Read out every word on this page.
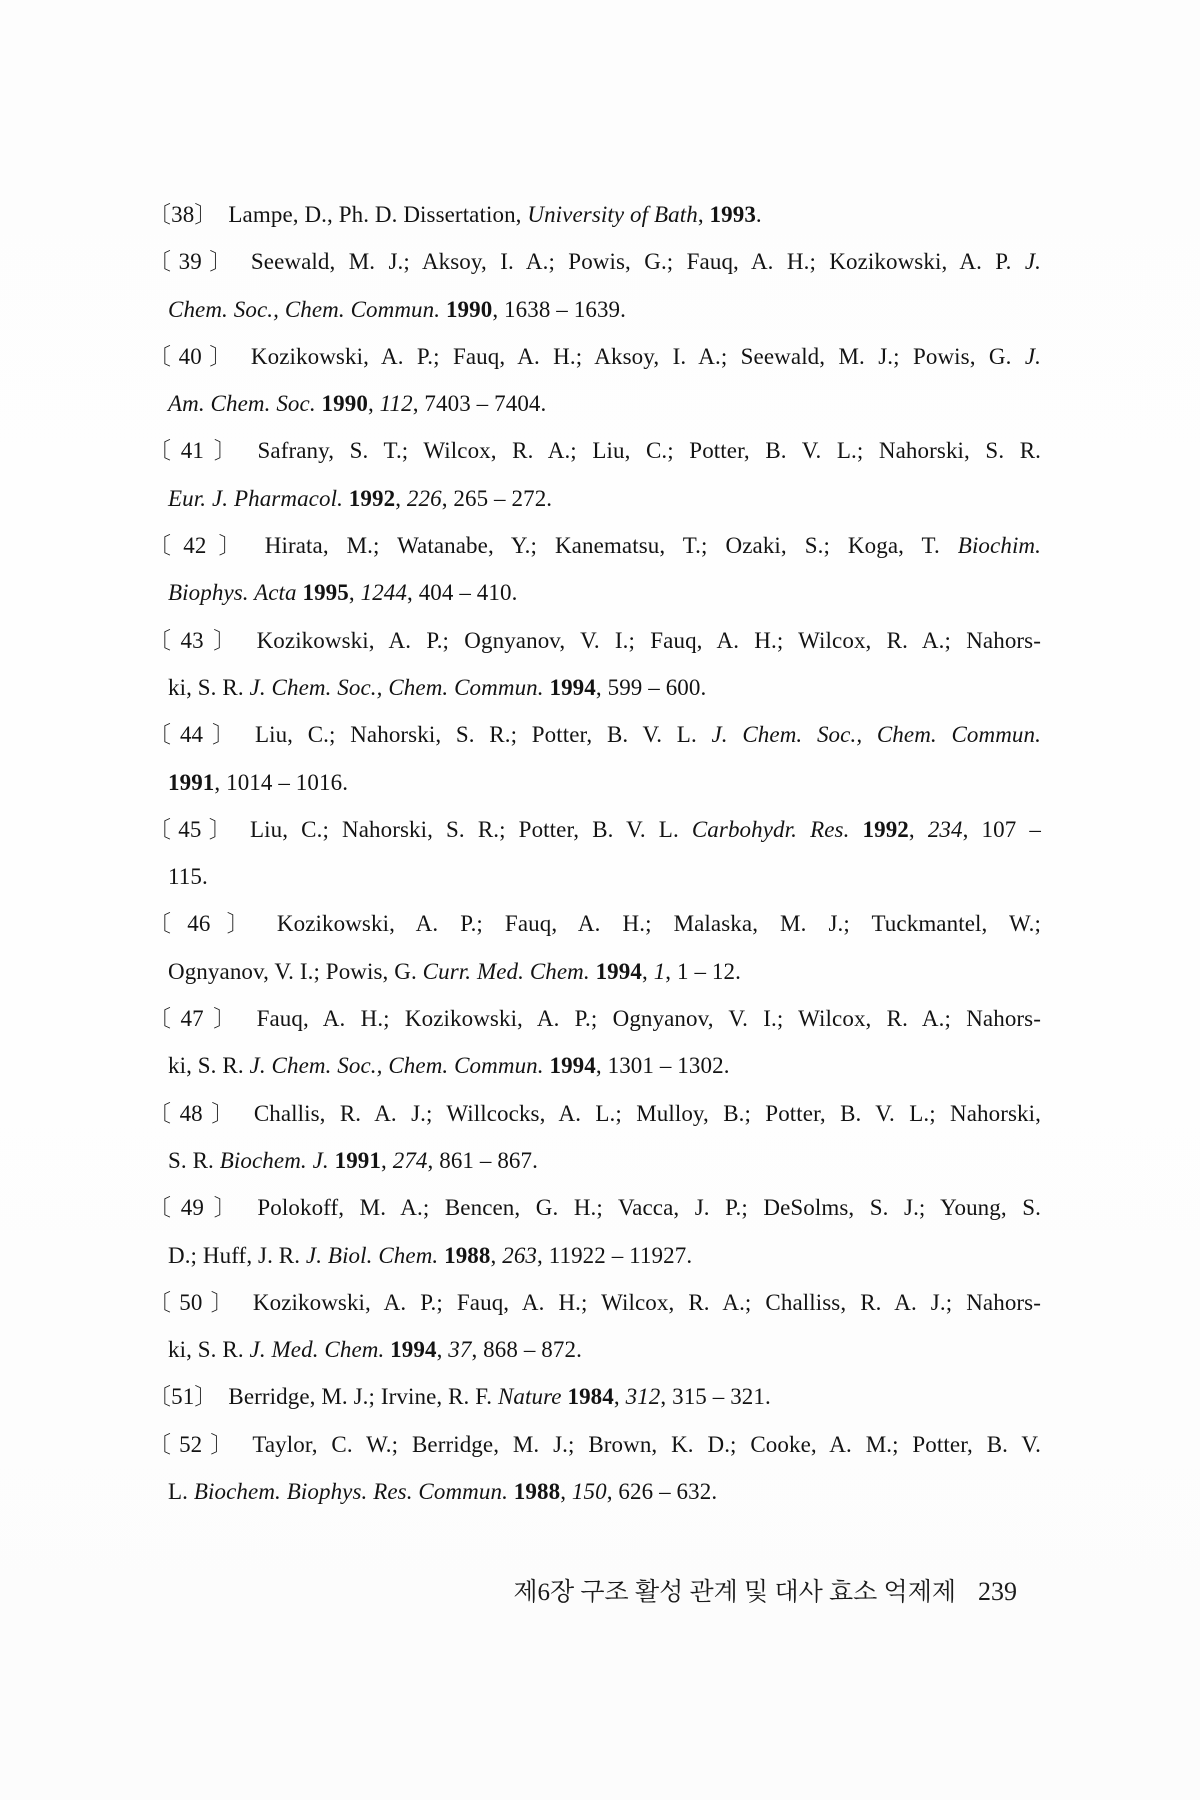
〔38〕 Lampe, D., Ph. D. Dissertation, University of Bath, 1993.
〔39〕 Seewald, M. J.; Aksoy, I. A.; Powis, G.; Fauq, A. H.; Kozikowski, A. P. J.
Chem. Soc., Chem. Commun. 1990, 1638 – 1639.
〔40〕 Kozikowski, A. P.; Fauq, A. H.; Aksoy, I. A.; Seewald, M. J.; Powis, G. J.
Am. Chem. Soc. 1990, 112, 7403 – 7404.
〔41〕 Safrany, S. T.; Wilcox, R. A.; Liu, C.; Potter, B. V. L.; Nahorski, S. R.
Eur. J. Pharmacol. 1992, 226, 265 – 272.
〔42〕 Hirata, M.; Watanabe, Y.; Kanematsu, T.; Ozaki, S.; Koga, T. Biochim.
Biophys. Acta 1995, 1244, 404 – 410.
〔43〕 Kozikowski, A. P.; Ognyanov, V. I.; Fauq, A. H.; Wilcox, R. A.; Nahors-
ki, S. R. J. Chem. Soc., Chem. Commun. 1994, 599 – 600.
〔44〕 Liu, C.; Nahorski, S. R.; Potter, B. V. L. J. Chem. Soc., Chem. Commun.
1991, 1014 – 1016.
〔45〕 Liu, C.; Nahorski, S. R.; Potter, B. V. L. Carbohydr. Res. 1992, 234, 107 –
115.
〔46〕 Kozikowski, A. P.; Fauq, A. H.; Malaska, M. J.; Tuckmantel, W.;
Ognyanov, V. I.; Powis, G. Curr. Med. Chem. 1994, 1, 1 – 12.
〔47〕 Fauq, A. H.; Kozikowski, A. P.; Ognyanov, V. I.; Wilcox, R. A.; Nahors-
ki, S. R. J. Chem. Soc., Chem. Commun. 1994, 1301 – 1302.
〔48〕 Challis, R. A. J.; Willcocks, A. L.; Mulloy, B.; Potter, B. V. L.; Nahorski,
S. R. Biochem. J. 1991, 274, 861 – 867.
〔49〕 Polokoff, M. A.; Bencen, G. H.; Vacca, J. P.; DeSolms, S. J.; Young, S.
D.; Huff, J. R. J. Biol. Chem. 1988, 263, 11922 – 11927.
〔50〕 Kozikowski, A. P.; Fauq, A. H.; Wilcox, R. A.; Challiss, R. A. J.; Nahors-
ki, S. R. J. Med. Chem. 1994, 37, 868 – 872.
〔51〕 Berridge, M. J.; Irvine, R. F. Nature 1984, 312, 315 – 321.
〔52〕 Taylor, C. W.; Berridge, M. J.; Brown, K. D.; Cooke, A. M.; Potter, B. V.
L. Biochem. Biophys. Res. Commun. 1988, 150, 626 – 632.
제6장 구조 활성 관계 및 대사 효소 억제제 239
